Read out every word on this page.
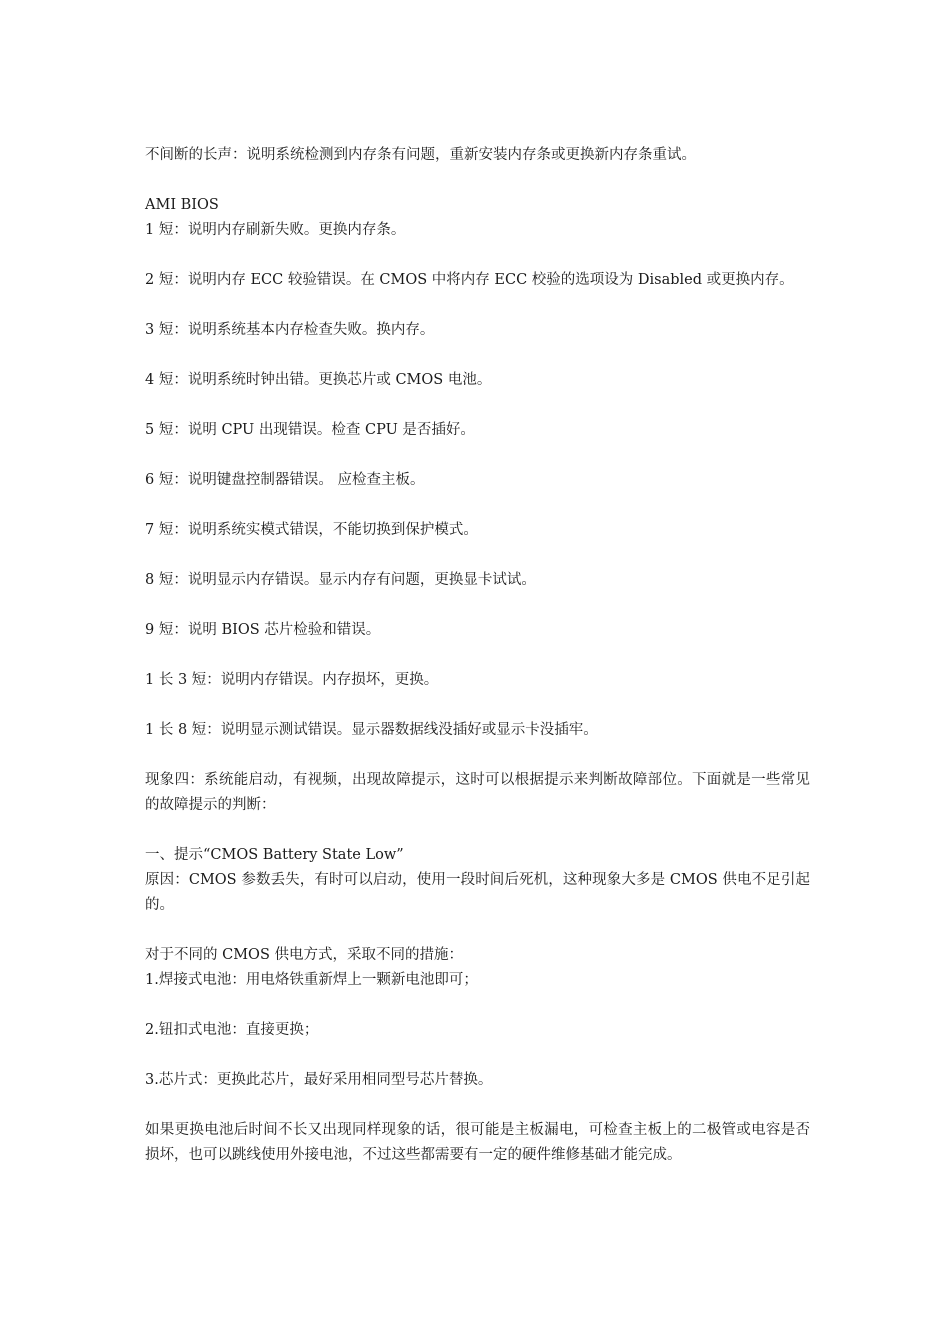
不间断的长声：说明系统检测到内存条有问题，重新安装内存条或更换新内存条重试。

AMI BIOS

1 短：说明内存刷新失败。更换内存条。

2 短：说明内存 ECC 较验错误。在 CMOS 中将内存 ECC 校验的选项设为 Disabled 或更换内存。

3 短：说明系统基本内存检查失败。换内存。

4 短：说明系统时钟出错。更换芯片或 CMOS 电池。

5 短：说明 CPU 出现错误。检查 CPU 是否插好。

6 短：说明键盘控制器错误。 应检查主板。

7 短：说明系统实模式错误，不能切换到保护模式。

8 短：说明显示内存错误。显示内存有问题，更换显卡试试。

9 短：说明 BIOS 芯片检验和错误。

1 长 3 短：说明内存错误。内存损坏，更换。

1 长 8 短：说明显示测试错误。显示器数据线没插好或显示卡没插牢。

现象四：系统能启动，有视频，出现故障提示，这时可以根据提示来判断故障部位。下面就是一些常见的故障提示的判断：

一、提示“CMOS Battery State Low”

原因：CMOS 参数丢失，有时可以启动，使用一段时间后死机，这种现象大多是 CMOS 供电不足引起的。

对于不同的 CMOS 供电方式，采取不同的措施：

1.焊接式电池：用电烙铁重新焊上一颗新电池即可；

2.钮扣式电池：直接更换；

3.芯片式：更换此芯片，最好采用相同型号芯片替换。

如果更换电池后时间不长又出现同样现象的话，很可能是主板漏电，可检查主板上的二极管或电容是否损坏，也可以跳线使用外接电池，不过这些都需要有一定的硬件维修基础才能完成。
